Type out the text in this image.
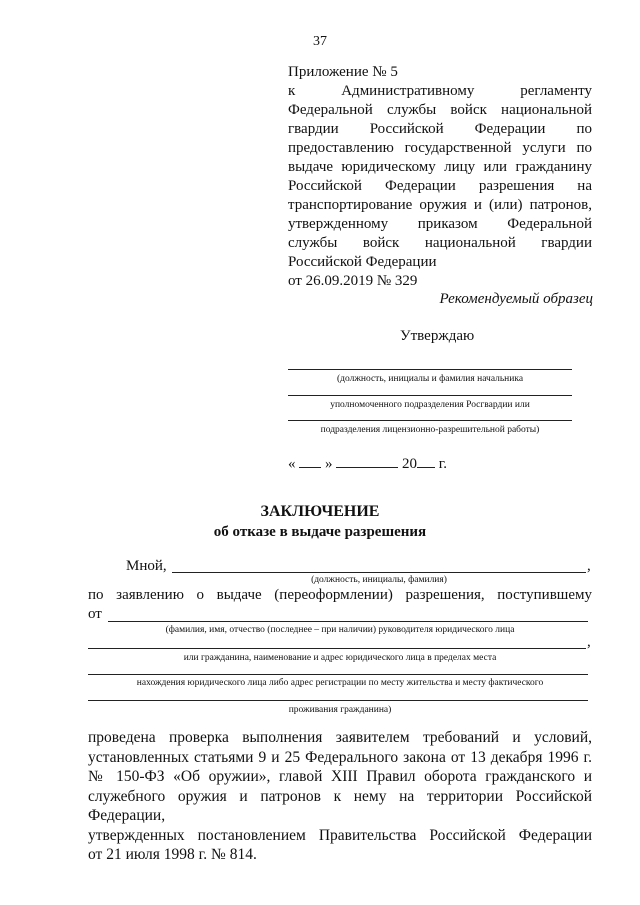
37
Приложение № 5
к Административному регламенту
Федеральной службы войск национальной
гвардии Российской Федерации по
предоставлению государственной услуги по
выдаче юридическому лицу или гражданину
Российской Федерации разрешения на
транспортирование оружия и (или) патронов,
утвержденному приказом Федеральной
службы войск национальной гвардии
Российской Федерации
от 26.09.2019 № 329
Рекомендуемый образец
Утверждаю
(должность, инициалы и фамилия начальника
уполномоченного подразделения Росгвардии или
подразделения лицензионно-разрешительной работы)
« »	20 г.
ЗАКЛЮЧЕНИЕ
об отказе в выдаче разрешения
Мной,	,
(должность, инициалы, фамилия)
по заявлению о выдаче (переоформлении) разрешения, поступившему
от
(фамилия, имя, отчество (последнее – при наличии) руководителя юридического лица
,
или гражданина, наименование и адрес юридического лица в пределах места
нахождения юридического лица либо адрес регистрации по месту жительства и месту фактического
проживания гражданина)
проведена проверка выполнения заявителем требований и условий,
установленных статьями 9 и 25 Федерального закона от 13 декабря 1996 г.
№ 150-ФЗ «Об оружии», главой XIII Правил оборота гражданского и
служебного оружия и патронов к нему на территории Российской Федерации,
утвержденных постановлением Правительства Российской Федерации
от 21 июля 1998 г. № 814.
